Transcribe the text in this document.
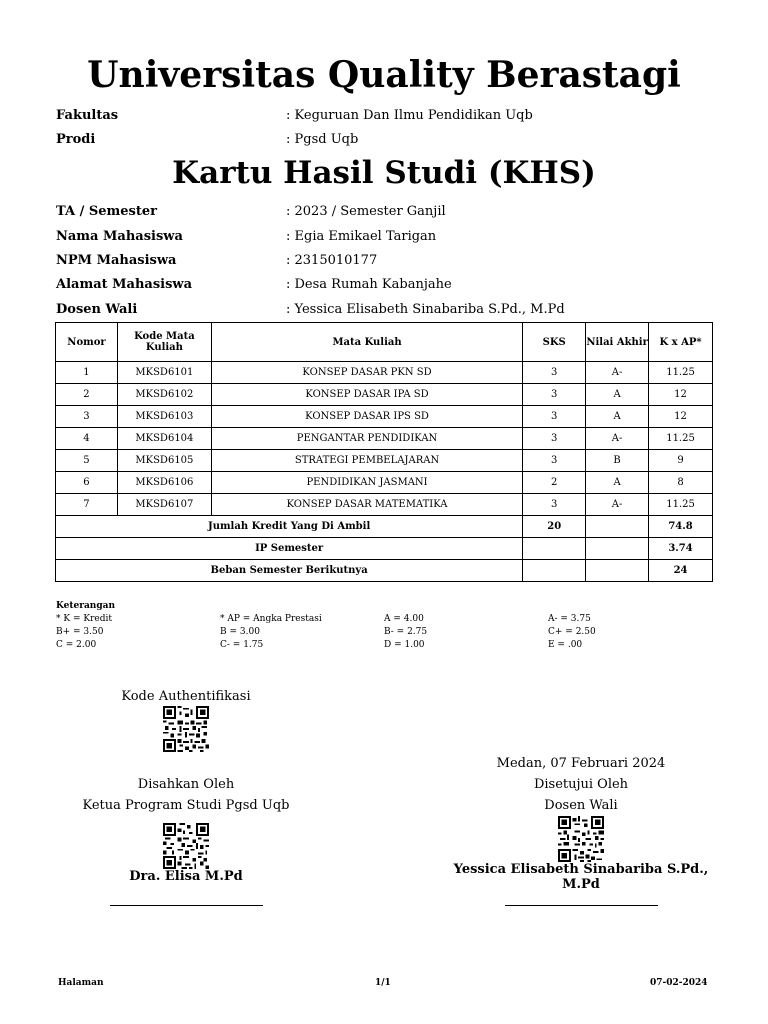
Universitas Quality Berastagi
Fakultas	: Keguruan Dan Ilmu Pendidikan Uqb
Prodi	: Pgsd Uqb
Kartu Hasil Studi (KHS)
TA / Semester	: 2023 / Semester Ganjil
Nama Mahasiswa	: Egia Emikael Tarigan
NPM Mahasiswa	: 2315010177
Alamat Mahasiswa	: Desa Rumah Kabanjahe
Dosen Wali	: Yessica Elisabeth Sinabariba S.Pd., M.Pd
Nomor	Kode Mata Kuliah	Mata Kuliah	SKS	Nilai Akhir	K x AP*
1	MKSD6101	KONSEP DASAR PKN SD	3	A-	11.25
2	MKSD6102	KONSEP DASAR IPA SD	3	A	12
3	MKSD6103	KONSEP DASAR IPS SD	3	A	12
4	MKSD6104	PENGANTAR PENDIDIKAN	3	A-	11.25
5	MKSD6105	STRATEGI PEMBELAJARAN	3	B	9
6	MKSD6106	PENDIDIKAN JASMANI	2	A	8
7	MKSD6107	KONSEP DASAR MATEMATIKA	3	A-	11.25
Jumlah Kredit Yang Di Ambil			20		74.8
IP Semester					3.74
Beban Semester Berikutnya					24
Keterangan
* K = Kredit	* AP = Angka Prestasi	A = 4.00	A- = 3.75
B+ = 3.50	B = 3.00	B- = 2.75	C+ = 2.50
C = 2.00	C- = 1.75	D = 1.00	E = .00
Kode Authentifikasi
Disahkan Oleh
Ketua Program Studi Pgsd Uqb
Dra. Elisa M.Pd
Medan, 07 Februari 2024
Disetujui Oleh
Dosen Wali
Yessica Elisabeth Sinabariba S.Pd.,
M.Pd
Halaman	1/1	07-02-2024
